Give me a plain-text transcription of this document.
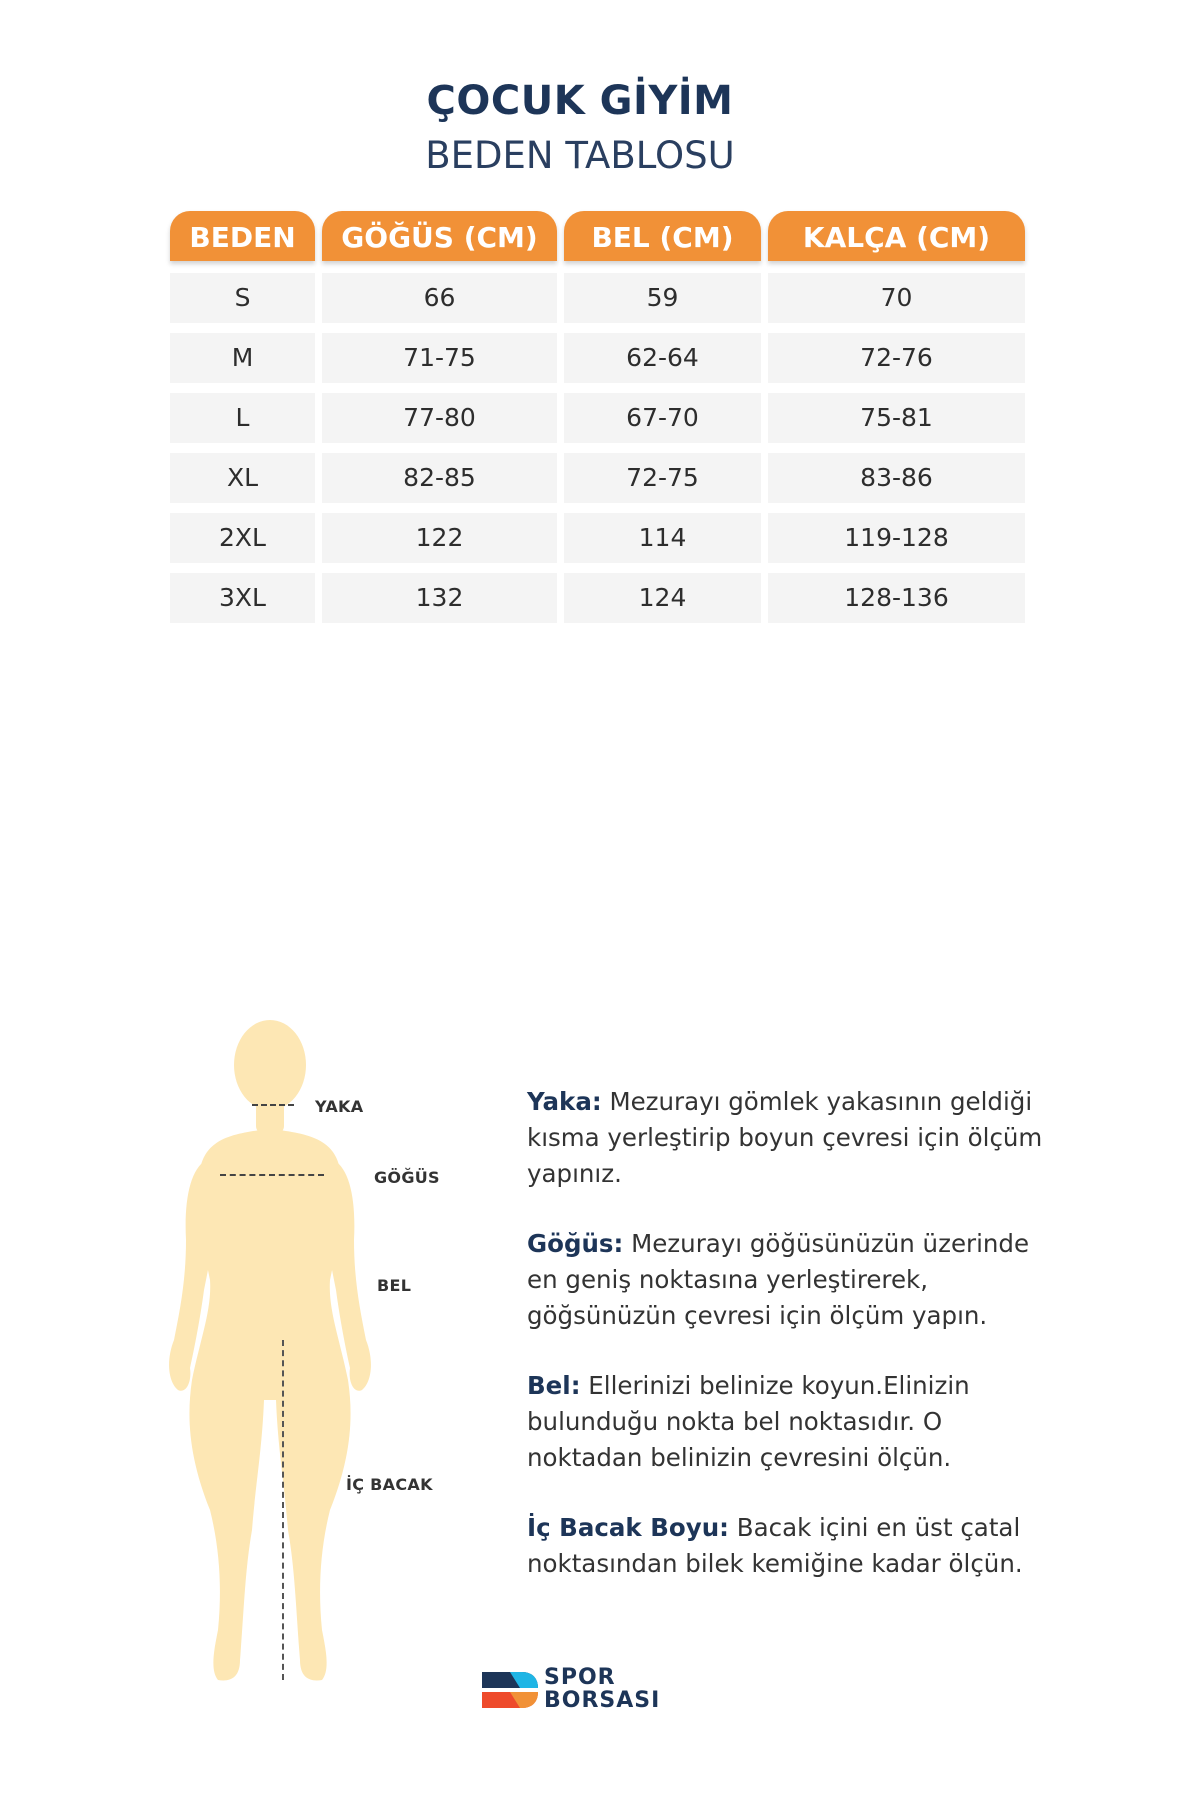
ÇOCUK GİYİM
BEDEN TABLOSU
BEDEN	GÖĞÜS (CM)	BEL (CM)	KALÇA (CM)
S	66	59	70
M	71-75	62-64	72-76
L	77-80	67-70	75-81
XL	82-85	72-75	83-86
2XL	122	114	119-128
3XL	132	124	128-136
YAKA
GÖĞÜS
BEL
İÇ BACAK

Yaka: Mezurayı gömlek yakasının geldiği kısma yerleştirip boyun çevresi için ölçüm yapınız.

Göğüs: Mezurayı göğüsünüzün üzerinde en geniş noktasına yerleştirerek, göğsünüzün çevresi için ölçüm yapın.

Bel: Ellerinizi belinize koyun.Elinizin bulunduğu nokta bel noktasıdır. O noktadan belinizin çevresini ölçün.

İç Bacak Boyu: Bacak içini en üst çatal noktasından bilek kemiğine kadar ölçün.

SPOR
BORSASI
